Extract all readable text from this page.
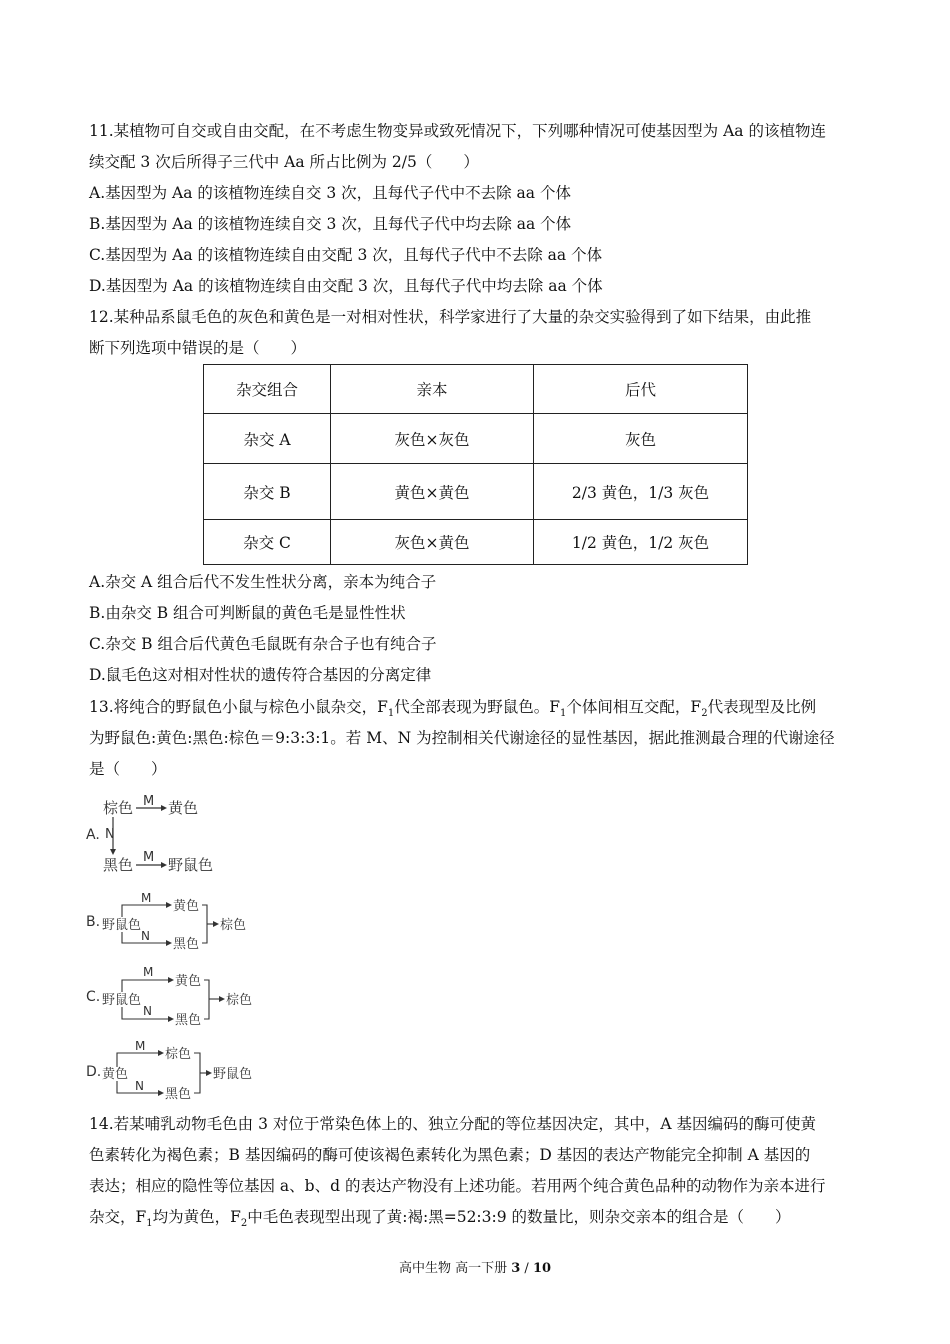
11.某植物可自交或自由交配，在不考虑生物变异或致死情况下，下列哪种情况可使基因型为 Aa 的该植物连
续交配 3 次后所得子三代中 Aa 所占比例为 2/5（　　）
A.基因型为 Aa 的该植物连续自交 3 次，且每代子代中不去除 aa 个体
B.基因型为 Aa 的该植物连续自交 3 次，且每代子代中均去除 aa 个体
C.基因型为 Aa 的该植物连续自由交配 3 次，且每代子代中不去除 aa 个体
D.基因型为 Aa 的该植物连续自由交配 3 次，且每代子代中均去除 aa 个体
12.某种品系鼠毛色的灰色和黄色是一对相对性状，科学家进行了大量的杂交实验得到了如下结果，由此推
断下列选项中错误的是（　　）
杂交组合	亲本	后代
杂交 A	灰色×灰色	灰色
杂交 B	黄色×黄色	2/3 黄色，1/3 灰色
杂交 C	灰色×黄色	1/2 黄色，1/2 灰色
A.杂交 A 组合后代不发生性状分离，亲本为纯合子
B.由杂交 B 组合可判断鼠的黄色毛是显性性状
C.杂交 B 组合后代黄色毛鼠既有杂合子也有纯合子
D.鼠毛色这对相对性状的遗传符合基因的分离定律
13.将纯合的野鼠色小鼠与棕色小鼠杂交，$F_1$代全部表现为野鼠色。$F_1$个体间相互交配，$F_2$代表现型及比例
为野鼠色:黄色:黑色:棕色＝9:3:3:1。若 M、N 为控制相关代谢途径的显性基因，据此推测最合理的代谢途径
是（　　）
A.
棕色 M 黄色
N
黑色 M 野鼠色
B. 野鼠色
M
N
黄色
黑色
棕色
C. 野鼠色
M
N
黄色
黑色
棕色
D. 黄色
M
N
棕色
黑色
野鼠色
14.若某哺乳动物毛色由 3 对位于常染色体上的、独立分配的等位基因决定，其中，A 基因编码的酶可使黄
色素转化为褐色素；B 基因编码的酶可使该褐色素转化为黑色素；D 基因的表达产物能完全抑制 A 基因的
表达；相应的隐性等位基因 a、b、d 的表达产物没有上述功能。若用两个纯合黄色品种的动物作为亲本进行
杂交，$F_1$均为黄色，$F_2$中毛色表现型出现了黄:褐:黑=52:3:9 的数量比，则杂交亲本的组合是（　　）
高中生物 高一下册 3 / 10
